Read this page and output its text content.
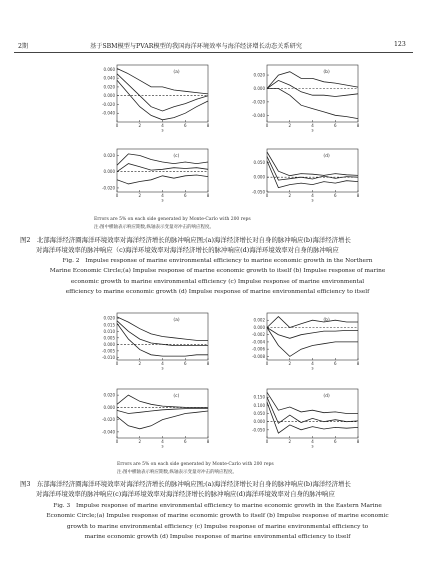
2期	基于SBM模型与PVAR模型的我国海洋环境效率与海洋经济增长动态关系研究	123
0.060
0.040
0.020
0.000
-0.020
-0.040
0	2	4	6	8
s
(a)
0.020
0.000
-0.020
-0.040
0	2	4	6	8
s
(b)
0.020
0.000
-0.020
0	2	4	6	8
s
(c)
0.050
0.000
-0.050
0	2	4	6	8
s
(d)
Errors are 5% on each side generated by Monte-Carlo with 200 reps
注:图中横轴表示响应期数,纵轴表示变量对冲击的响应程度。
图2　北部海洋经济圈海洋环境效率对海洋经济增长的脉冲响应图;(a)海洋经济增长对自身的脉冲响应(b)海洋经济增长
对海洋环境效率的脉冲响应（c)海洋环境效率对海洋经济增长的脉冲响应(d)海洋环境效率对自身的脉冲响应
Fig. 2　Impulse response of marine environmental efficiency to marine economic growth in the Northern
Marine Economic Circle;(a) Impulse response of marine economic growth to itself (b) Impulse response of marine
economic growth to marine environmental efficiency (c) Impulse response of marine environmental
efficiency to marine economic growth (d) Impulse response of marine environmental efficiency to itself
0.020
0.015
0.010
0.005
0.000
-0.005
-0.010
0	2	4	6	8
s
(a)	0.002
0.000
-0.002
-0.004
-0.006
-0.008
0	2	4	6	8
s
(b)
0.020
0.000
-0.020
-0.040
0	2	4	6	8
s
(c)	0.150
0.100
0.050
0.000
-0.050
0	2	4	6	8
s
(d)
Errors are 5% on each side generated by Monte-Carlo with 200 reps
注:图中横轴表示响应期数,纵轴表示变量对冲击的响应程度。
图3　东部海洋经济圈海洋环境效率对海洋经济增长的脉冲响应图;(a)海洋经济增长对自身的脉冲响应(b)海洋经济增长
对海洋环境效率的脉冲响应(c)海洋环境效率对海洋经济增长的脉冲响应(d)海洋环境效率对自身的脉冲响应
Fig. 3　Impulse response of marine environmental efficiency to marine economic growth in the Eastern Marine
Economic Circle;(a) Impulse response of marine economic growth to itself (b) Impulse response of marine economic
growth to marine environmental efficiency (c) Impulse response of marine environmental efficiency to
marine economic growth (d) Impulse response of marine environmental efficiency to itself
